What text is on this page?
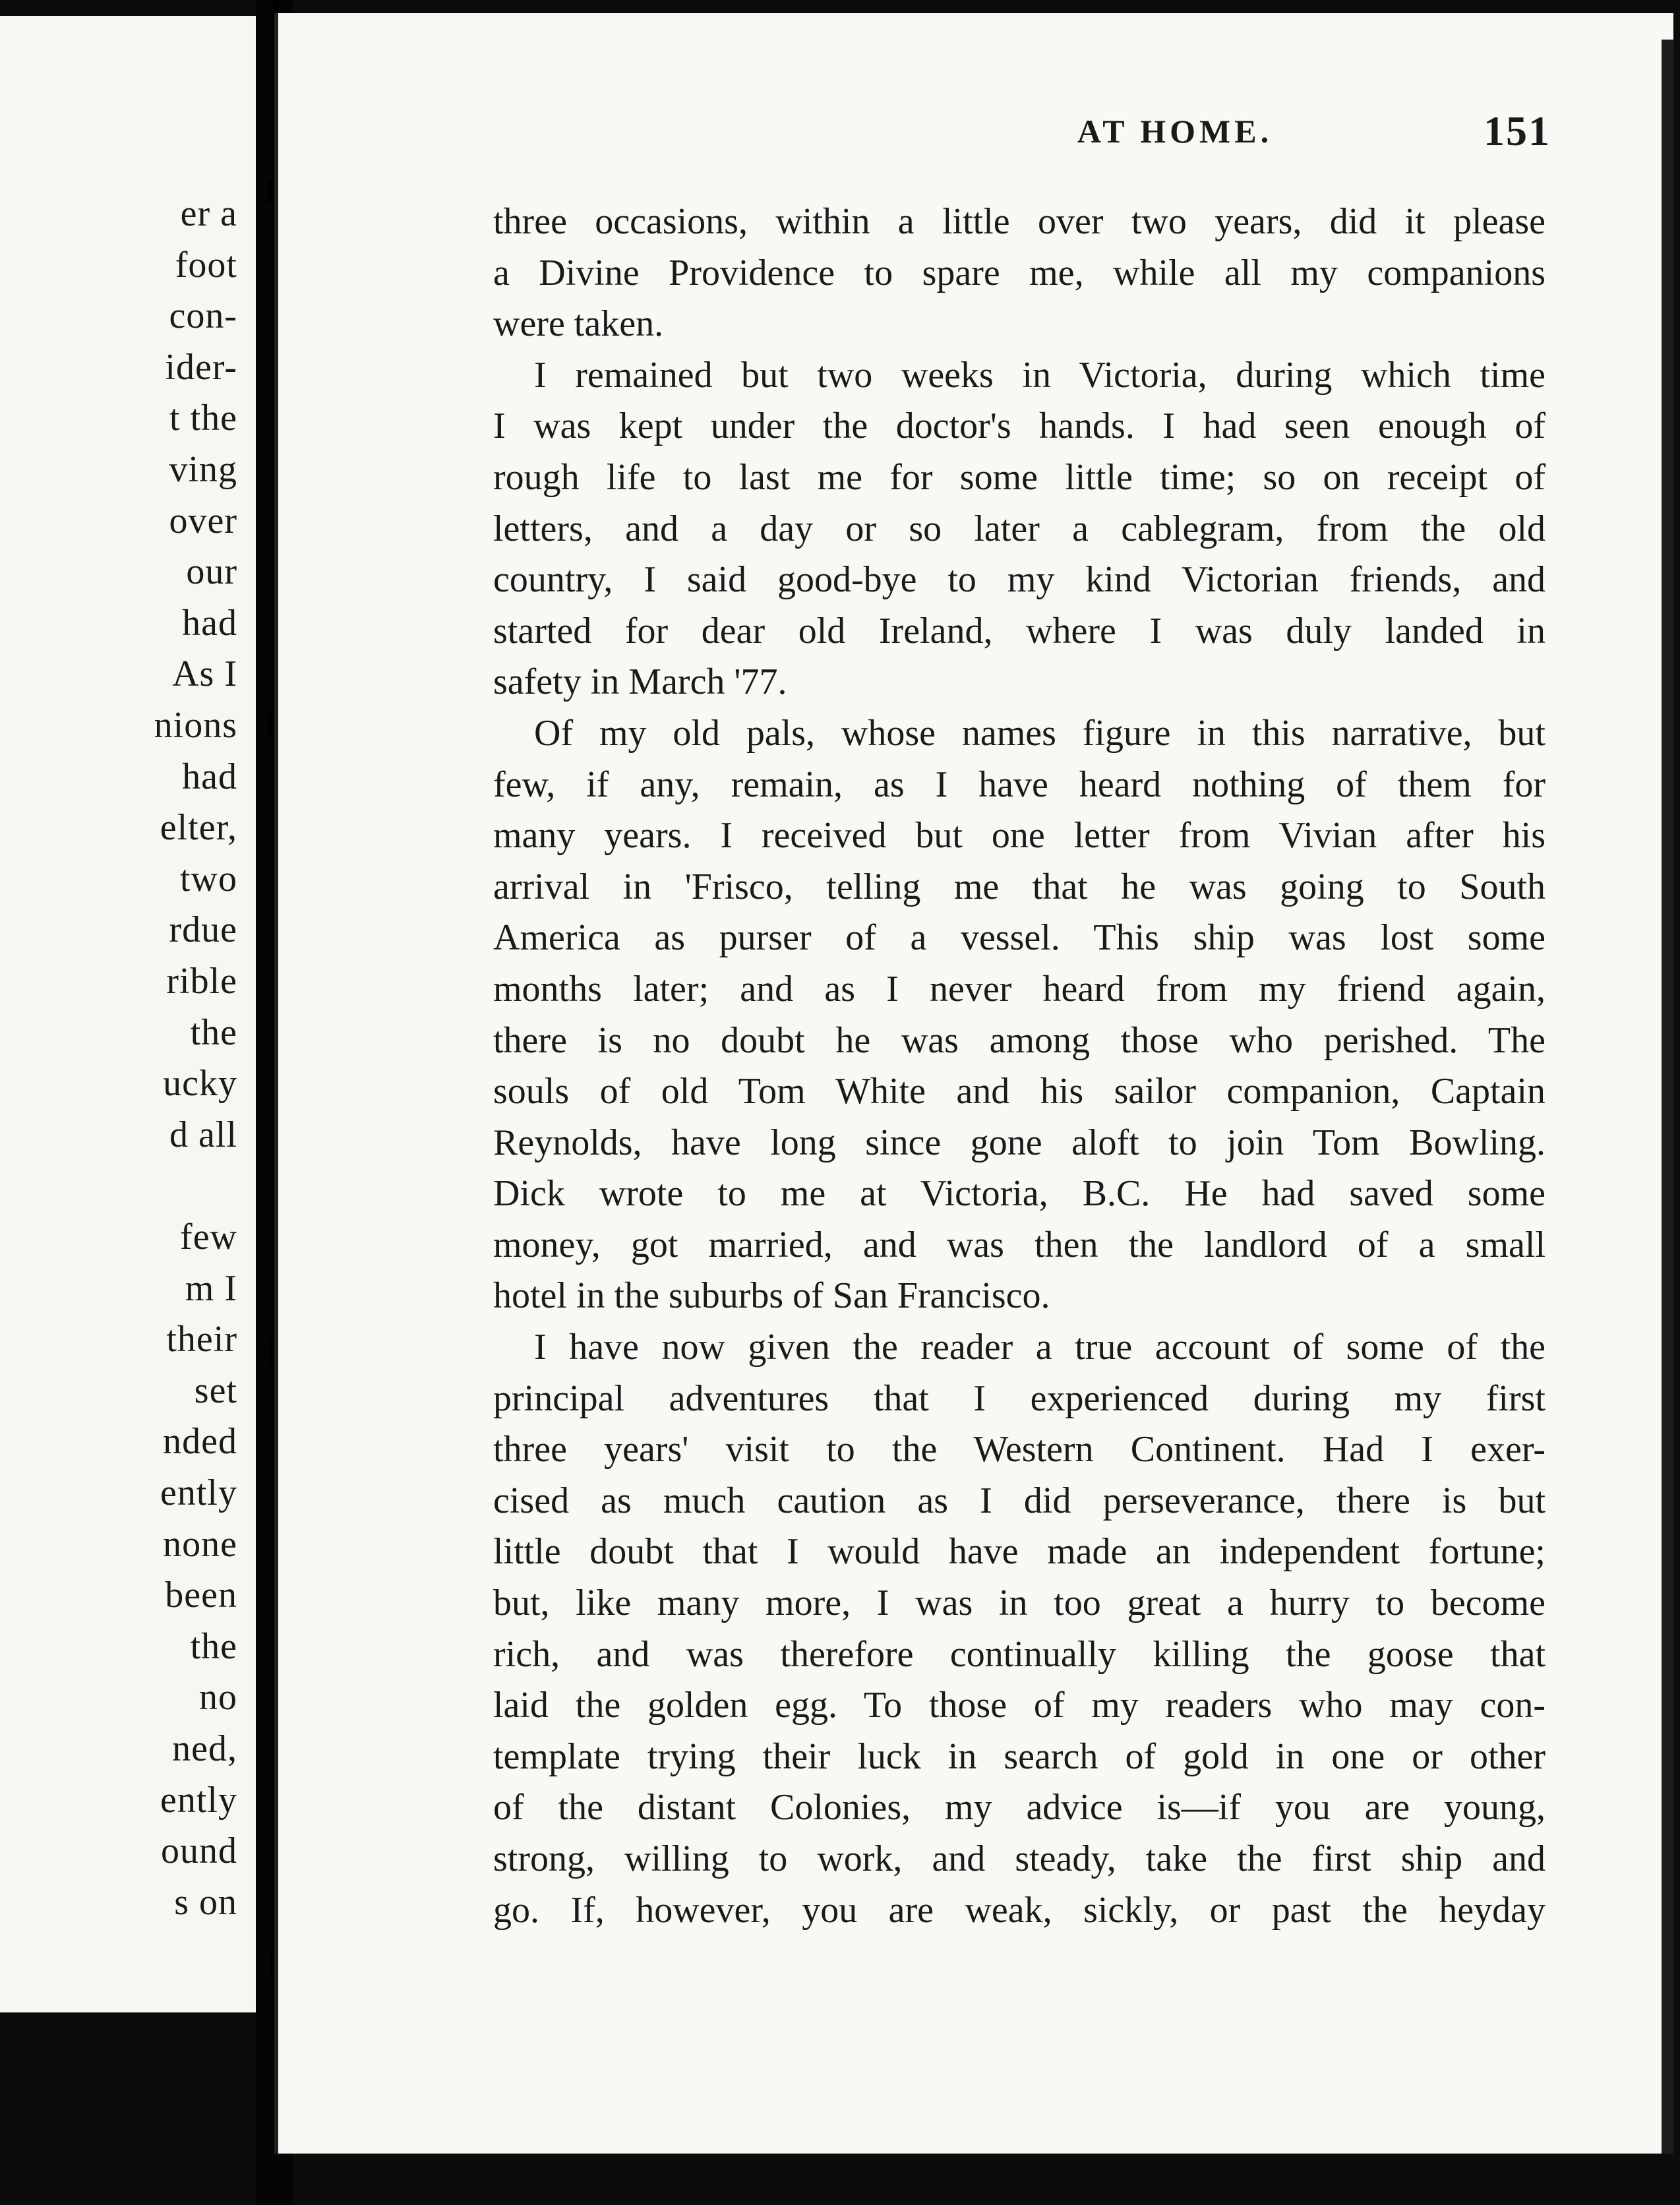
er a
foot
con-
ider-
t the
ving
over
our
had
As I
nions
had
elter,
two
rdue
rible
the
ucky
d all
few
m I
their
set
nded
ently
none
been
the
no
ned,
ently
ound
s on
AT HOME.	151
three occasions, within a little over two years, did it please
a Divine Providence to spare me, while all my companions
were taken.
I remained but two weeks in Victoria, during which time
I was kept under the doctor's hands. I had seen enough of
rough life to last me for some little time; so on receipt of
letters, and a day or so later a cablegram, from the old
country, I said good-bye to my kind Victorian friends, and
started for dear old Ireland, where I was duly landed in
safety in March '77.
Of my old pals, whose names figure in this narrative, but
few, if any, remain, as I have heard nothing of them for
many years. I received but one letter from Vivian after his
arrival in 'Frisco, telling me that he was going to South
America as purser of a vessel. This ship was lost some
months later; and as I never heard from my friend again,
there is no doubt he was among those who perished. The
souls of old Tom White and his sailor companion, Captain
Reynolds, have long since gone aloft to join Tom Bowling.
Dick wrote to me at Victoria, B.C. He had saved some
money, got married, and was then the landlord of a small
hotel in the suburbs of San Francisco.
I have now given the reader a true account of some of the
principal adventures that I experienced during my first
three years' visit to the Western Continent. Had I exer-
cised as much caution as I did perseverance, there is but
little doubt that I would have made an independent fortune;
but, like many more, I was in too great a hurry to become
rich, and was therefore continually killing the goose that
laid the golden egg. To those of my readers who may con-
template trying their luck in search of gold in one or other
of the distant Colonies, my advice is—if you are young,
strong, willing to work, and steady, take the first ship and
go. If, however, you are weak, sickly, or past the heyday
